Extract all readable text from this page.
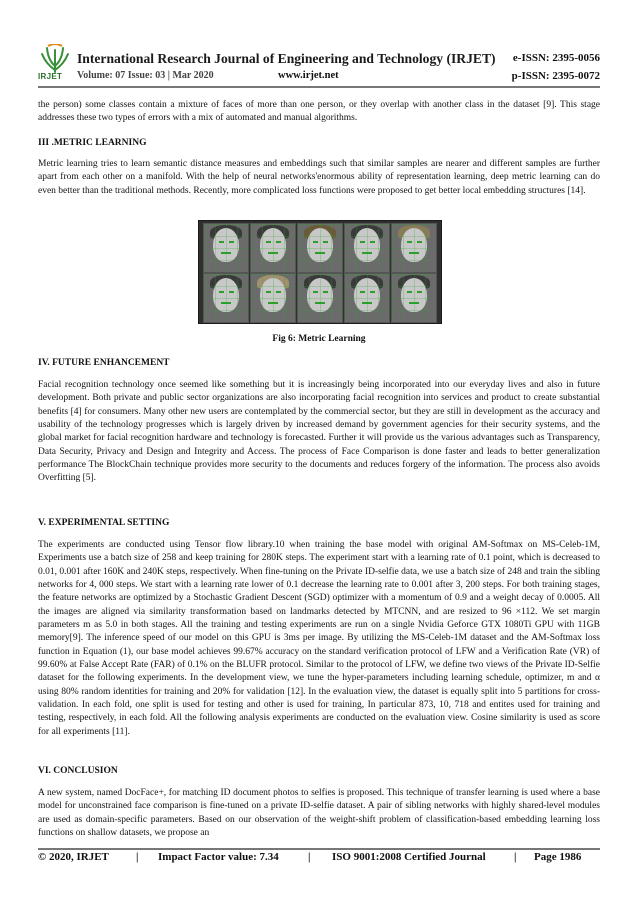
IRJET
International Research Journal of Engineering and Technology (IRJET) e-ISSN: 2395-0056
Volume: 07 Issue: 03 | Mar 2020	www.irjet.net	p-ISSN: 2395-0072
the person) some classes contain a mixture of faces of more than one person, or they overlap with another class in the dataset [9]. This stage addresses these two types of errors with a mix of automated and manual algorithms.
III .METRIC LEARNING
Metric learning tries to learn semantic distance measures and embeddings such that similar samples are nearer and different samples are further apart from each other on a manifold. With the help of neural networks'enormous ability of representation learning, deep metric learning can do even better than the traditional methods. Recently, more complicated loss functions were proposed to get better local embedding structures [14].
Fig 6: Metric Learning
IV. FUTURE ENHANCEMENT
Facial recognition technology once seemed like something but it is increasingly being incorporated into our everyday lives and also in future development. Both private and public sector organizations are also incorporating facial recognition into services and product to create substantial benefits [4] for consumers. Many other new users are contemplated by the commercial sector, but they are still in development as the accuracy and usability of the technology progresses which is largely driven by increased demand by government agencies for their security systems, and the global market for facial recognition hardware and technology is forecasted. Further it will provide us the various advantages such as Transparency, Data Security, Privacy and Design and Integrity and Access. The process of Face Comparison is done faster and leads to better generalization performance The BlockChain technique provides more security to the documents and reduces forgery of the information. The process also avoids Overfitting [5].
V. EXPERIMENTAL SETTING
The experiments are conducted using Tensor flow library.10 when training the base model with original AM-Softmax on MS-Celeb-1M, Experiments use a batch size of 258 and keep training for 280K steps. The experiment start with a learning rate of 0.1 point, which is decreased to 0.01, 0.001 after 160K and 240K steps, respectively. When fine-tuning on the Private ID-selfie data, we use a batch size of 248 and train the sibling networks for 4, 000 steps. We start with a learning rate lower of 0.1 decrease the learning rate to 0.001 after 3, 200 steps. For both training stages, the feature networks are optimized by a Stochastic Gradient Descent (SGD) optimizer with a momentum of 0.9 and a weight decay of 0.0005. All the images are aligned via similarity transformation based on landmarks detected by MTCNN, and are resized to 96 ×112. We set margin parameters m as 5.0 in both stages. All the training and testing experiments are run on a single Nvidia Geforce GTX 1080Ti GPU with 11GB memory[9]. The inference speed of our model on this GPU is 3ms per image. By utilizing the MS-Celeb-1M dataset and the AM-Softmax loss function in Equation (1), our base model achieves 99.67% accuracy on the standard verification protocol of LFW and a Verification Rate (VR) of 99.60% at False Accept Rate (FAR) of 0.1% on the BLUFR protocol. Similar to the protocol of LFW, we define two views of the Private ID-Selfie dataset for the following experiments. In the development view, we tune the hyper-parameters including learning schedule, optimizer, m and α using 80% random identities for training and 20% for validation [12]. In the evaluation view, the dataset is equally split into 5 partitions for cross-validation. In each fold, one split is used for testing and other is used for training, In particular 873, 10, 718 and entites used for training and testing, respectively, in each fold. All the following analysis experiments are conducted on the evaluation view. Cosine similarity is used as score for all experiments [11].
VI. CONCLUSION
A new system, named DocFace+, for matching ID document photos to selfies is proposed. This technique of transfer learning is used where a base model for unconstrained face comparison is fine-tuned on a private ID-selfie dataset. A pair of sibling networks with highly shared-level modules are used as domain-specific parameters. Based on our observation of the weight-shift problem of classification-based embedding learning loss functions on shallow datasets, we propose an
© 2020, IRJET | Impact Factor value: 7.34	| ISO 9001:2008 Certified Journal	| Page 1986
